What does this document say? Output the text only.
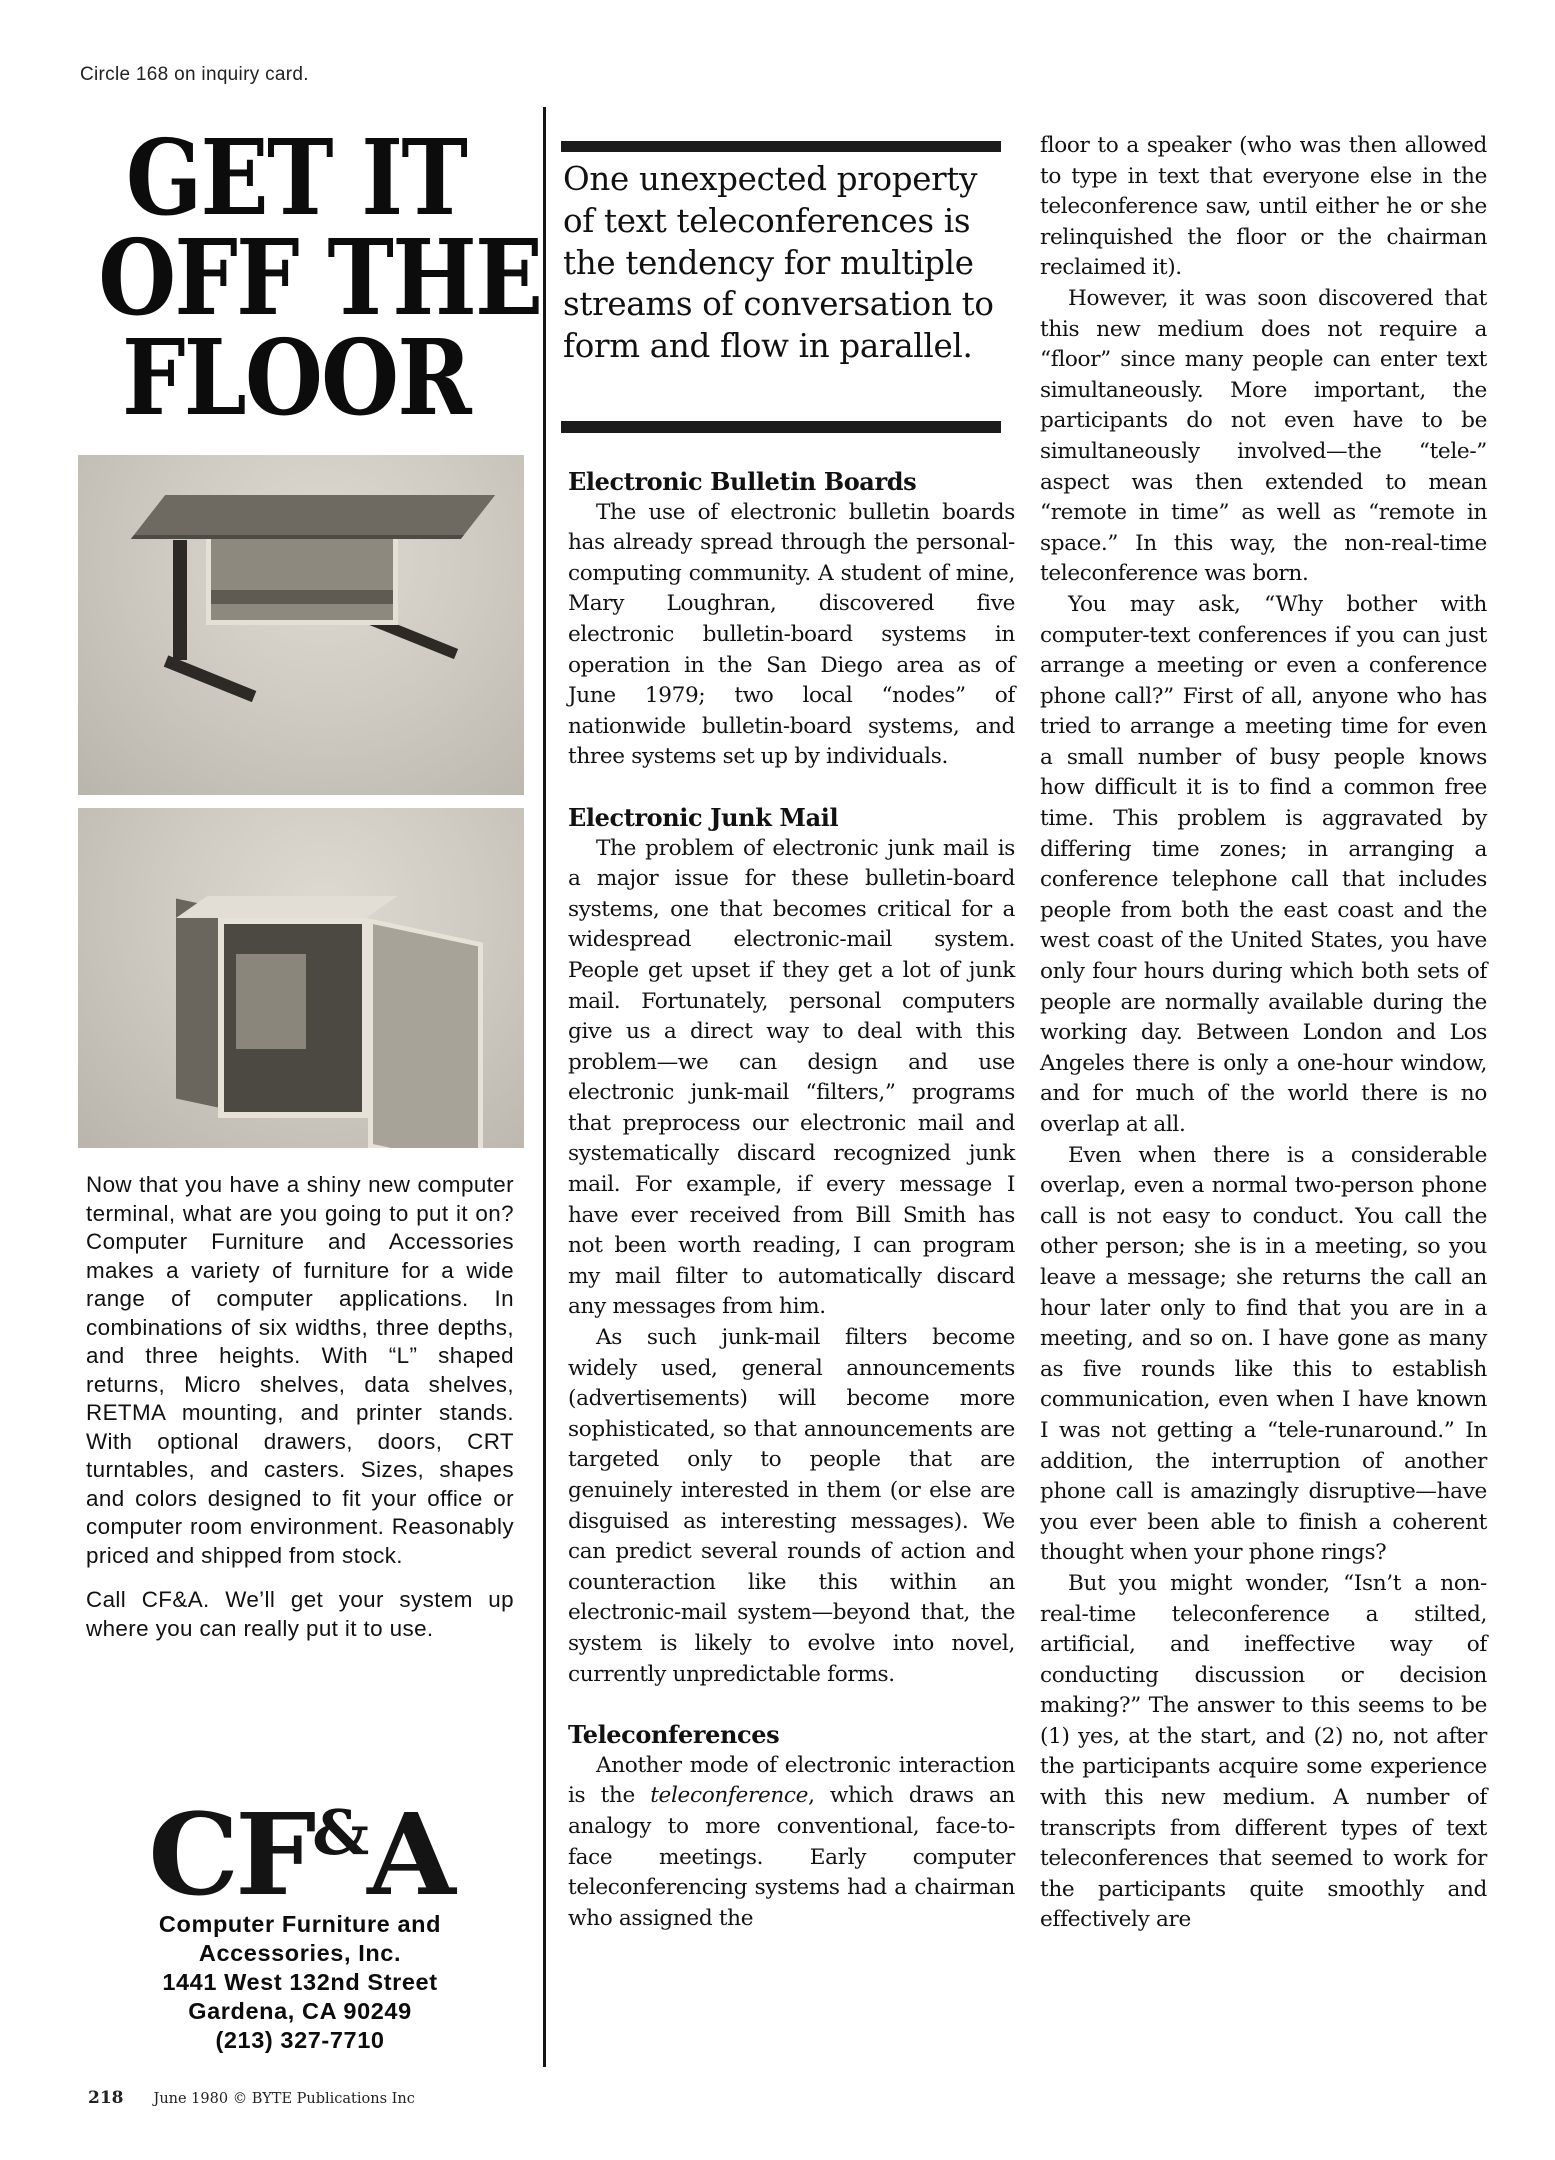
Circle 168 on inquiry card.
GET IT
OFF THE
FLOOR

Now that you have a shiny new computer terminal, what are you going to put it on? Computer Furniture and Accessories makes a variety of furniture for a wide range of computer applications. In combinations of six widths, three depths, and three heights. With “L” shaped returns, Micro shelves, data shelves, RETMA mounting, and printer stands. With optional drawers, doors, CRT turntables, and casters. Sizes, shapes and colors designed to fit your office or computer room environment. Reasonably priced and shipped from stock.

Call CF&A. We’ll get your system up where you can really put it to use.

CF&A
Computer Furniture and
Accessories, Inc.
1441 West 132nd Street
Gardena, CA 90249
(213) 327-7710
218 June 1980 © BYTE Publications Inc
One unexpected property of text teleconferences is the tendency for multiple streams of conversation to form and flow in parallel.
Electronic Bulletin Boards

The use of electronic bulletin boards has already spread through the personal-computing community. A student of mine, Mary Loughran, discovered five electronic bulletin-board systems in operation in the San Diego area as of June 1979; two local “nodes” of nationwide bulletin-board systems, and three systems set up by individuals.

Electronic Junk Mail

The problem of electronic junk mail is a major issue for these bulletin-board systems, one that becomes critical for a widespread electronic-mail system. People get upset if they get a lot of junk mail. Fortunately, personal computers give us a direct way to deal with this problem—we can design and use electronic junk-mail “filters,” programs that preprocess our electronic mail and systematically discard recognized junk mail. For example, if every message I have ever received from Bill Smith has not been worth reading, I can program my mail filter to automatically discard any messages from him.

As such junk-mail filters become widely used, general announcements (advertisements) will become more sophisticated, so that announcements are targeted only to people that are genuinely interested in them (or else are disguised as interesting messages). We can predict several rounds of action and counteraction like this within an electronic-mail system—beyond that, the system is likely to evolve into novel, currently unpredictable forms.

Teleconferences

Another mode of electronic interaction is the teleconference, which draws an analogy to more conventional, face-to-face meetings. Early computer teleconferencing systems had a chairman who assigned the

floor to a speaker (who was then allowed to type in text that everyone else in the teleconference saw, until either he or she relinquished the floor or the chairman reclaimed it).

However, it was soon discovered that this new medium does not require a “floor” since many people can enter text simultaneously. More important, the participants do not even have to be simultaneously involved—the “tele-” aspect was then extended to mean “remote in time” as well as “remote in space.” In this way, the non-real-time teleconference was born.

You may ask, “Why bother with computer-text conferences if you can just arrange a meeting or even a conference phone call?” First of all, anyone who has tried to arrange a meeting time for even a small number of busy people knows how difficult it is to find a common free time. This problem is aggravated by differing time zones; in arranging a conference telephone call that includes people from both the east coast and the west coast of the United States, you have only four hours during which both sets of people are normally available during the working day. Between London and Los Angeles there is only a one-hour window, and for much of the world there is no overlap at all.

Even when there is a considerable overlap, even a normal two-person phone call is not easy to conduct. You call the other person; she is in a meeting, so you leave a message; she returns the call an hour later only to find that you are in a meeting, and so on. I have gone as many as five rounds like this to establish communication, even when I have known I was not getting a “tele-runaround.” In addition, the interruption of another phone call is amazingly disruptive—have you ever been able to finish a coherent thought when your phone rings?

But you might wonder, “Isn’t a non-real-time teleconference a stilted, artificial, and ineffective way of conducting discussion or decision making?” The answer to this seems to be (1) yes, at the start, and (2) no, not after the participants acquire some experience with this new medium. A number of transcripts from different types of text teleconferences that seemed to work for the participants quite smoothly and effectively are
